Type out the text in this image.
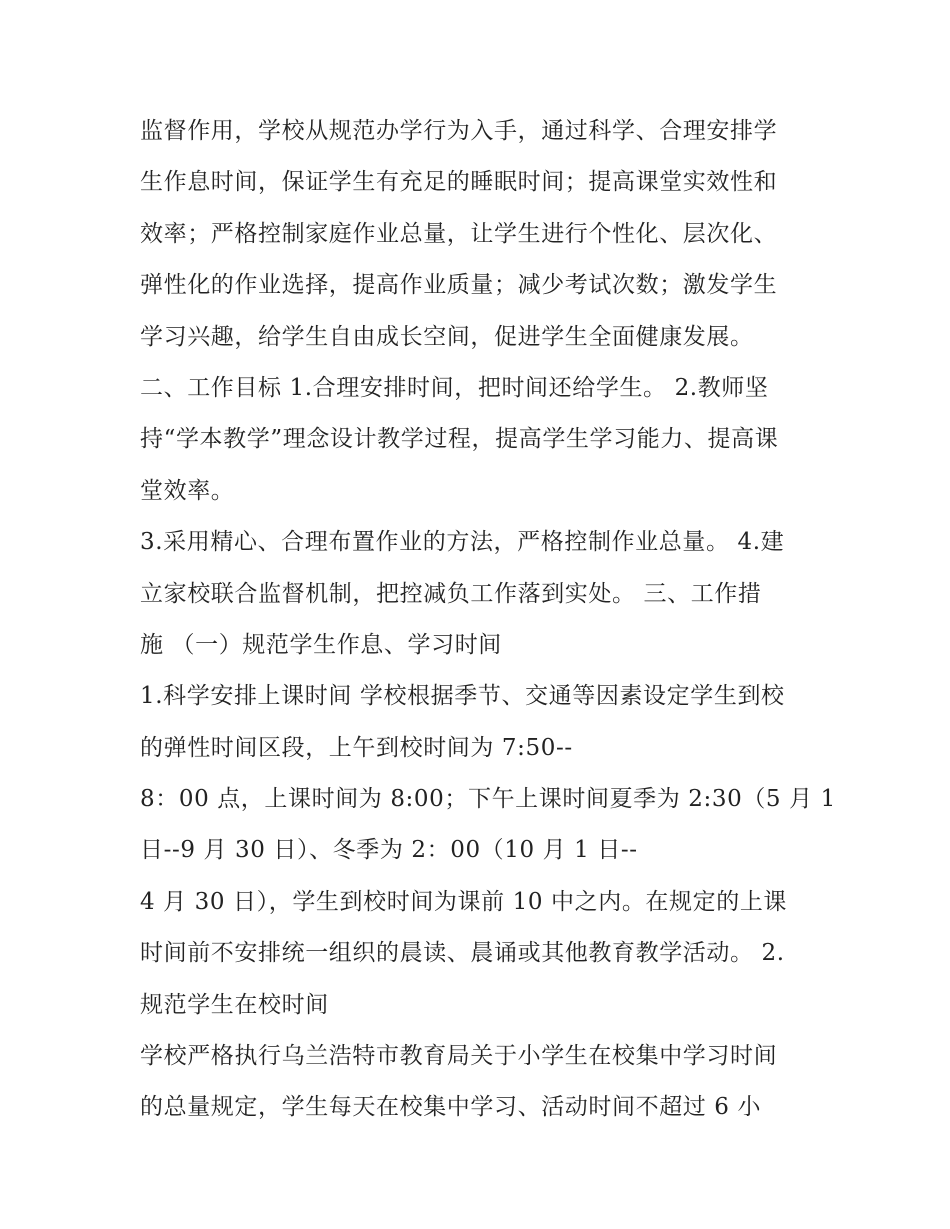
监督作用，学校从规范办学行为入手，通过科学、合理安排学
生作息时间，保证学生有充足的睡眠时间；提高课堂实效性和
效率；严格控制家庭作业总量，让学生进行个性化、层次化、
弹性化的作业选择，提高作业质量；减少考试次数；激发学生
学习兴趣，给学生自由成长空间，促进学生全面健康发展。
二、工作目标 1.合理安排时间，把时间还给学生。 2.教师坚
持“学本教学”理念设计教学过程，提高学生学习能力、提高课
堂效率。
3.采用精心、合理布置作业的方法，严格控制作业总量。 4.建
立家校联合监督机制，把控减负工作落到实处。 三、工作措
施 （一）规范学生作息、学习时间
1.科学安排上课时间 学校根据季节、交通等因素设定学生到校
的弹性时间区段，上午到校时间为 7:50--
8：00 点，上课时间为 8:00；下午上课时间夏季为 2:30（5 月 1
日--9 月 30 日）、冬季为 2：00（10 月 1 日--
4 月 30 日），学生到校时间为课前 10 中之内。在规定的上课
时间前不安排统一组织的晨读、晨诵或其他教育教学活动。 2.
规范学生在校时间
学校严格执行乌兰浩特市教育局关于小学生在校集中学习时间
的总量规定，学生每天在校集中学习、活动时间不超过 6 小
